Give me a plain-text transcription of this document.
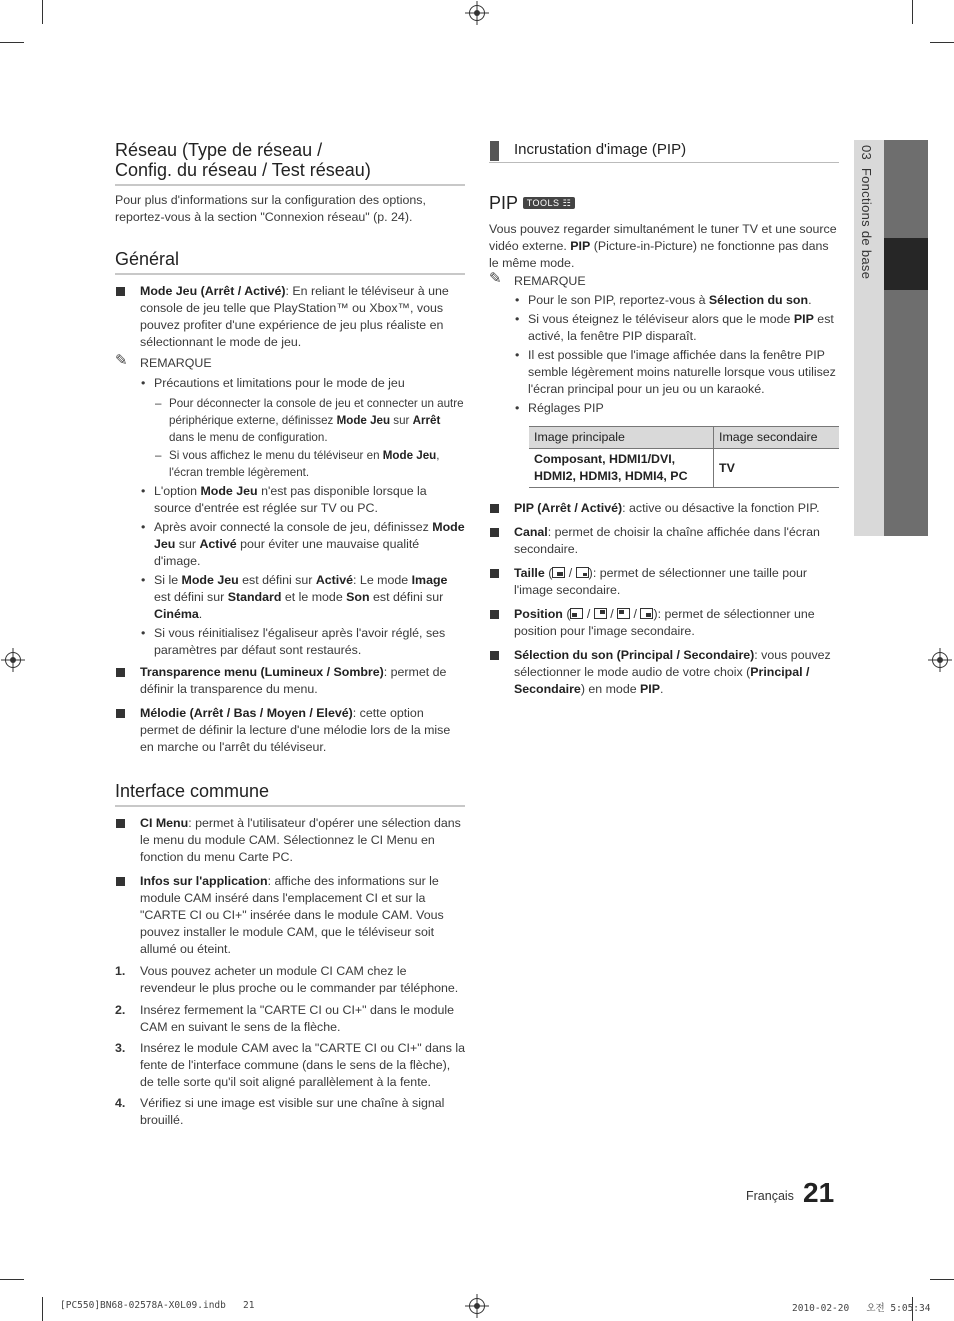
03  Fonctions de base
Réseau (Type de réseau /
Config. du réseau / Test réseau)

Pour plus d'informations sur la configuration des options, reportez-vous à la section "Connexion réseau" (p. 24).

Général
Mode Jeu (Arrêt / Activé): En reliant le téléviseur à une console de jeu telle que PlayStation™ ou Xbox™, vous pouvez profiter d'une expérience de jeu plus réaliste en sélectionnant le mode de jeu.
✎ REMARQUE
• Précautions et limitations pour le mode de jeu
– Pour déconnecter la console de jeu et connecter un autre périphérique externe, définissez Mode Jeu sur Arrêt dans le menu de configuration.
– Si vous affichez le menu du téléviseur en Mode Jeu, l'écran tremble légèrement.
• L'option Mode Jeu n'est pas disponible lorsque la source d'entrée est réglée sur TV ou PC.
• Après avoir connecté la console de jeu, définissez Mode Jeu sur Activé pour éviter une mauvaise qualité d'image.
• Si le Mode Jeu est défini sur Activé: Le mode Image est défini sur Standard et le mode Son est défini sur Cinéma.
• Si vous réinitialisez l'égaliseur après l'avoir réglé, ses paramètres par défaut sont restaurés.
Transparence menu (Lumineux / Sombre): permet de définir la transparence du menu.
Mélodie (Arrêt / Bas / Moyen / Elevé): cette option permet de définir la lecture d'une mélodie lors de la mise en marche ou l'arrêt du téléviseur.
Interface commune
CI Menu: permet à l'utilisateur d'opérer une sélection dans le menu du module CAM. Sélectionnez le CI Menu en fonction du menu Carte PC.
Infos sur l'application: affiche des informations sur le module CAM inséré dans l'emplacement CI et sur la "CARTE CI ou CI+" insérée dans le module CAM. Vous pouvez installer le module CAM, que le téléviseur soit allumé ou éteint.
1. Vous pouvez acheter un module CI CAM chez le revendeur le plus proche ou le commander par téléphone.
2. Insérez fermement la "CARTE CI ou CI+" dans le module CAM en suivant le sens de la flèche.
3. Insérez le module CAM avec la "CARTE CI ou CI+" dans la fente de l'interface commune (dans le sens de la flèche), de telle sorte qu'il soit aligné parallèlement à la fente.
4. Vérifiez si une image est visible sur une chaîne à signal brouillé.
Incrustation d'image (PIP)
PIP TOOLS ☷

Vous pouvez regarder simultanément le tuner TV et une source vidéo externe. PIP (Picture-in-Picture) ne fonctionne pas dans le même mode.

✎ REMARQUE
• Pour le son PIP, reportez-vous à Sélection du son.
• Si vous éteignez le téléviseur alors que le mode PIP est activé, la fenêtre PIP disparaît.
• Il est possible que l'image affichée dans la fenêtre PIP semble légèrement moins naturelle lorsque vous utilisez l'écran principal pour un jeu ou un karaoké.
• Réglages PIP
Image principale	Image secondaire
Composant, HDMI1/DVI, HDMI2, HDMI3, HDMI4, PC	TV
PIP (Arrêt / Activé): active ou désactive la fonction PIP.
Canal: permet de choisir la chaîne affichée dans l'écran secondaire.
Taille (
/
): permet de sélectionner une taille pour l'image secondaire.
Position (
/
/
/
): permet de sélectionner une position pour l'image secondaire.
Sélection du son (Principal / Secondaire): vous pouvez sélectionner le mode audio de votre choix (Principal / Secondaire) en mode PIP.
Français 21
[PC550]BN68-02578A-X0L09.indb   21	2010-02-20   오전 5:05:34
